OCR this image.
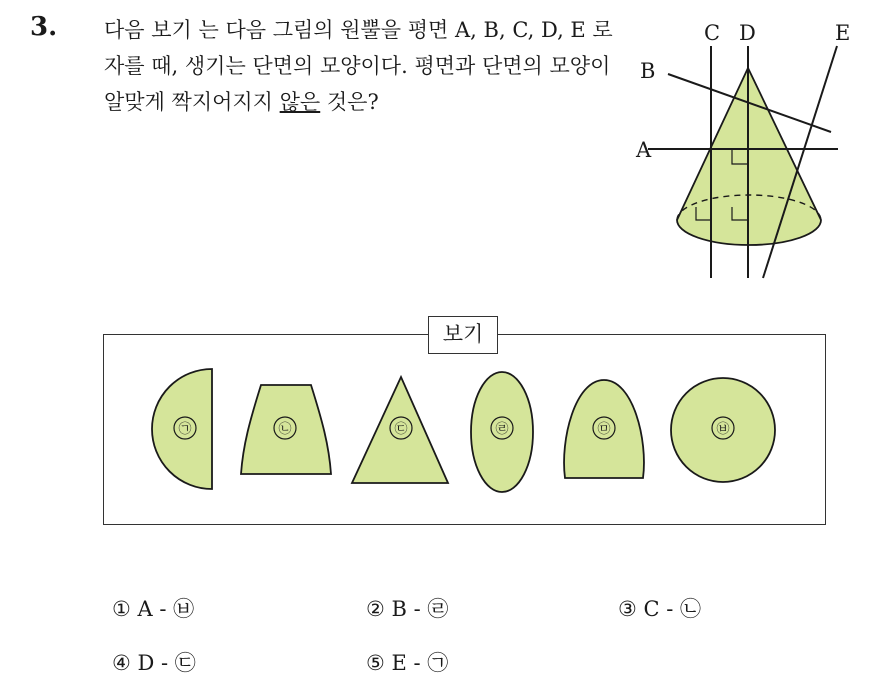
3. 다음 보기 는 다음 그림의 원뿔을 평면 A, B, C, D, E 로 자를 때, 생기는 단면의 모양이다. 평면과 단면의 모양이 알맞게 짝지어지지 않은 것은?

A
B
C D	E
보기
㉠	㉡	㉢	㉣	㉤	㉥
① A - ㉥	② B - ㉣	③ C - ㉡
④ D - ㉢	⑤ E - ㉠
